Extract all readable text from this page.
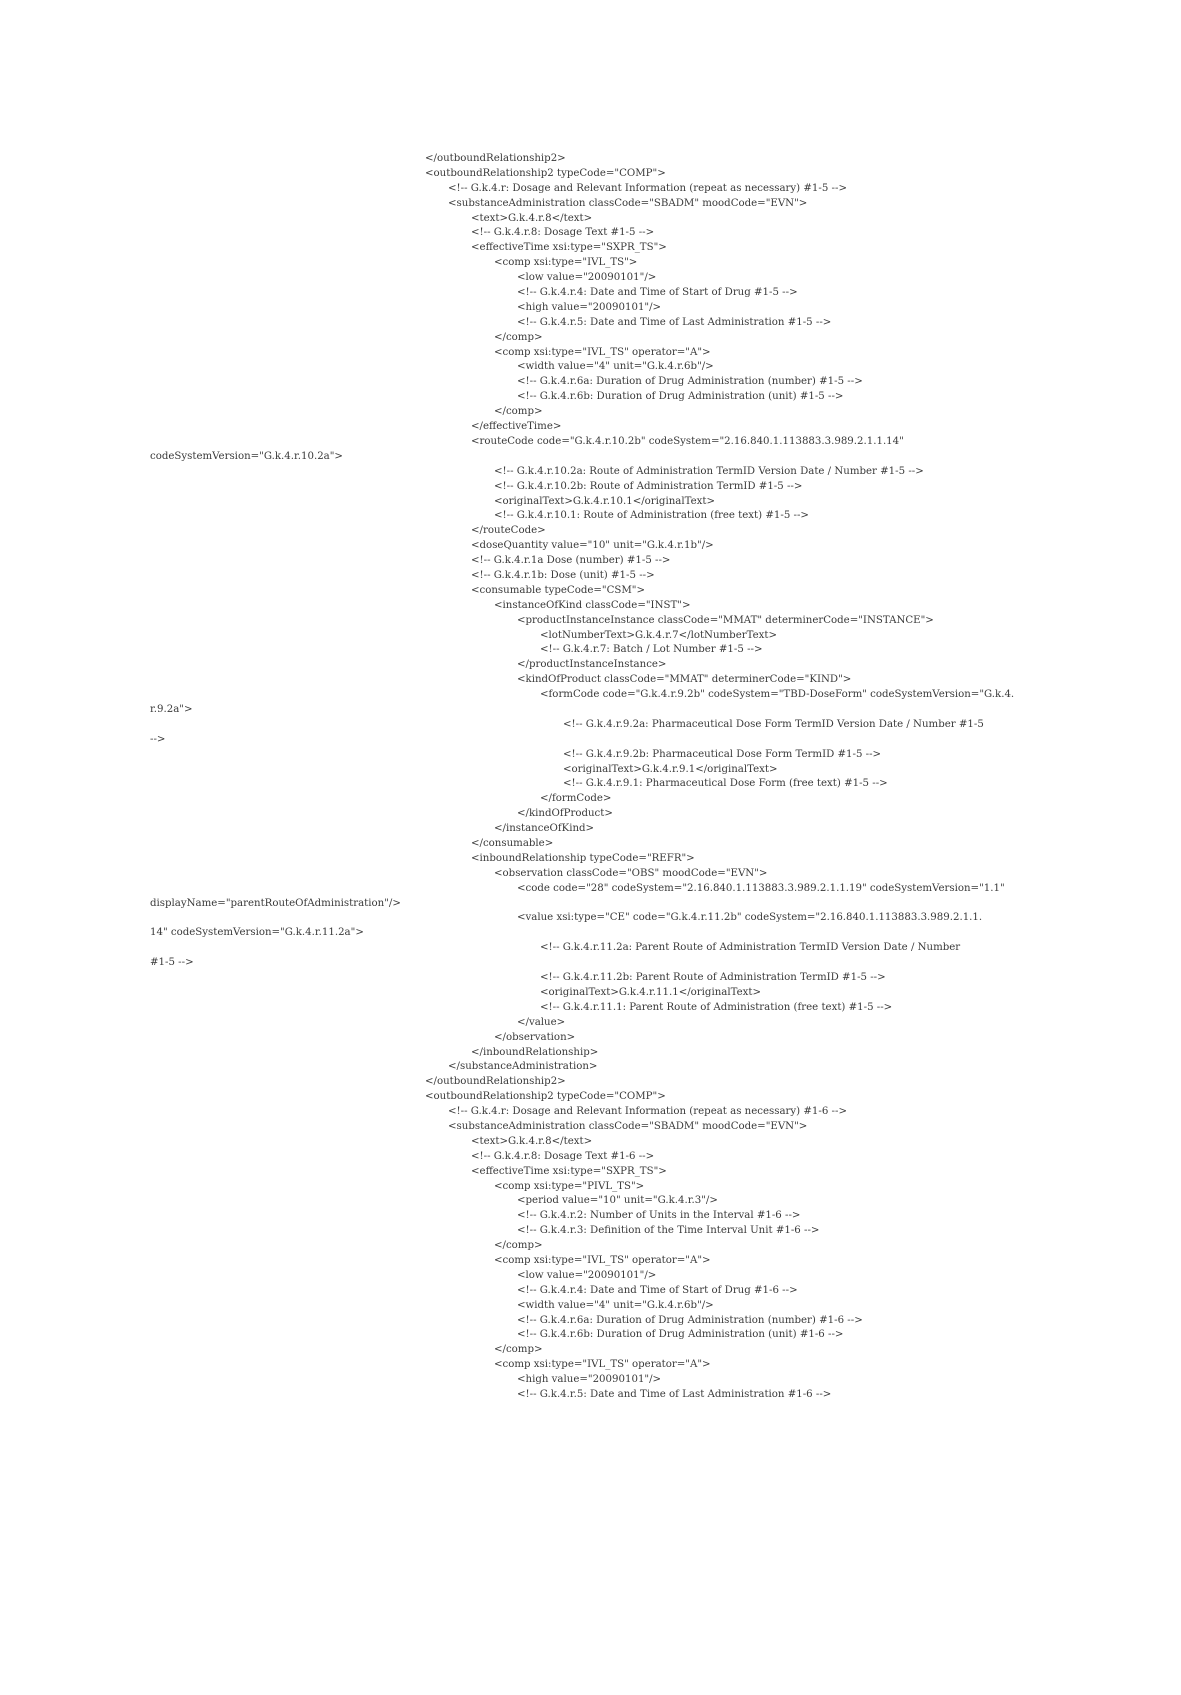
</outboundRelationship2>
<outboundRelationship2 typeCode="COMP">
<!-- G.k.4.r: Dosage and Relevant Information (repeat as necessary) #1-5 -->
<substanceAdministration classCode="SBADM" moodCode="EVN">
<text>G.k.4.r.8</text>
<!-- G.k.4.r.8: Dosage Text #1-5 -->
<effectiveTime xsi:type="SXPR_TS">
<comp xsi:type="IVL_TS">
<low value="20090101"/>
<!-- G.k.4.r.4: Date and Time of Start of Drug #1-5 -->
<high value="20090101"/>
<!-- G.k.4.r.5: Date and Time of Last Administration #1-5 -->
</comp>
<comp xsi:type="IVL_TS" operator="A">
<width value="4" unit="G.k.4.r.6b"/>
<!-- G.k.4.r.6a: Duration of Drug Administration (number) #1-5 -->
<!-- G.k.4.r.6b: Duration of Drug Administration (unit) #1-5 -->
</comp>
</effectiveTime>
<routeCode code="G.k.4.r.10.2b" codeSystem="2.16.840.1.113883.3.989.2.1.1.14"
codeSystemVersion="G.k.4.r.10.2a">
<!-- G.k.4.r.10.2a: Route of Administration TermID Version Date / Number #1-5 -->
<!-- G.k.4.r.10.2b: Route of Administration TermID #1-5 -->
<originalText>G.k.4.r.10.1</originalText>
<!-- G.k.4.r.10.1: Route of Administration (free text) #1-5 -->
</routeCode>
<doseQuantity value="10" unit="G.k.4.r.1b"/>
<!-- G.k.4.r.1a Dose (number) #1-5 -->
<!-- G.k.4.r.1b: Dose (unit) #1-5 -->
<consumable typeCode="CSM">
<instanceOfKind classCode="INST">
<productInstanceInstance classCode="MMAT" determinerCode="INSTANCE">
<lotNumberText>G.k.4.r.7</lotNumberText>
<!-- G.k.4.r.7: Batch / Lot Number #1-5 -->
</productInstanceInstance>
<kindOfProduct classCode="MMAT" determinerCode="KIND">
<formCode code="G.k.4.r.9.2b" codeSystem="TBD-DoseForm" codeSystemVersion="G.k.4.
r.9.2a">
<!-- G.k.4.r.9.2a: Pharmaceutical Dose Form TermID Version Date / Number #1-5
-->
<!-- G.k.4.r.9.2b: Pharmaceutical Dose Form TermID #1-5 -->
<originalText>G.k.4.r.9.1</originalText>
<!-- G.k.4.r.9.1: Pharmaceutical Dose Form (free text) #1-5 -->
</formCode>
</kindOfProduct>
</instanceOfKind>
</consumable>
<inboundRelationship typeCode="REFR">
<observation classCode="OBS" moodCode="EVN">
<code code="28" codeSystem="2.16.840.1.113883.3.989.2.1.1.19" codeSystemVersion="1.1"
displayName="parentRouteOfAdministration"/>
<value xsi:type="CE" code="G.k.4.r.11.2b" codeSystem="2.16.840.1.113883.3.989.2.1.1.
14" codeSystemVersion="G.k.4.r.11.2a">
<!-- G.k.4.r.11.2a: Parent Route of Administration TermID Version Date / Number
#1-5 -->
<!-- G.k.4.r.11.2b: Parent Route of Administration TermID #1-5 -->
<originalText>G.k.4.r.11.1</originalText>
<!-- G.k.4.r.11.1: Parent Route of Administration (free text) #1-5 -->
</value>
</observation>
</inboundRelationship>
</substanceAdministration>
</outboundRelationship2>
<outboundRelationship2 typeCode="COMP">
<!-- G.k.4.r: Dosage and Relevant Information (repeat as necessary) #1-6 -->
<substanceAdministration classCode="SBADM" moodCode="EVN">
<text>G.k.4.r.8</text>
<!-- G.k.4.r.8: Dosage Text #1-6 -->
<effectiveTime xsi:type="SXPR_TS">
<comp xsi:type="PIVL_TS">
<period value="10" unit="G.k.4.r.3"/>
<!-- G.k.4.r.2: Number of Units in the Interval #1-6 -->
<!-- G.k.4.r.3: Definition of the Time Interval Unit #1-6 -->
</comp>
<comp xsi:type="IVL_TS" operator="A">
<low value="20090101"/>
<!-- G.k.4.r.4: Date and Time of Start of Drug #1-6 -->
<width value="4" unit="G.k.4.r.6b"/>
<!-- G.k.4.r.6a: Duration of Drug Administration (number) #1-6 -->
<!-- G.k.4.r.6b: Duration of Drug Administration (unit) #1-6 -->
</comp>
<comp xsi:type="IVL_TS" operator="A">
<high value="20090101"/>
<!-- G.k.4.r.5: Date and Time of Last Administration #1-6 -->
